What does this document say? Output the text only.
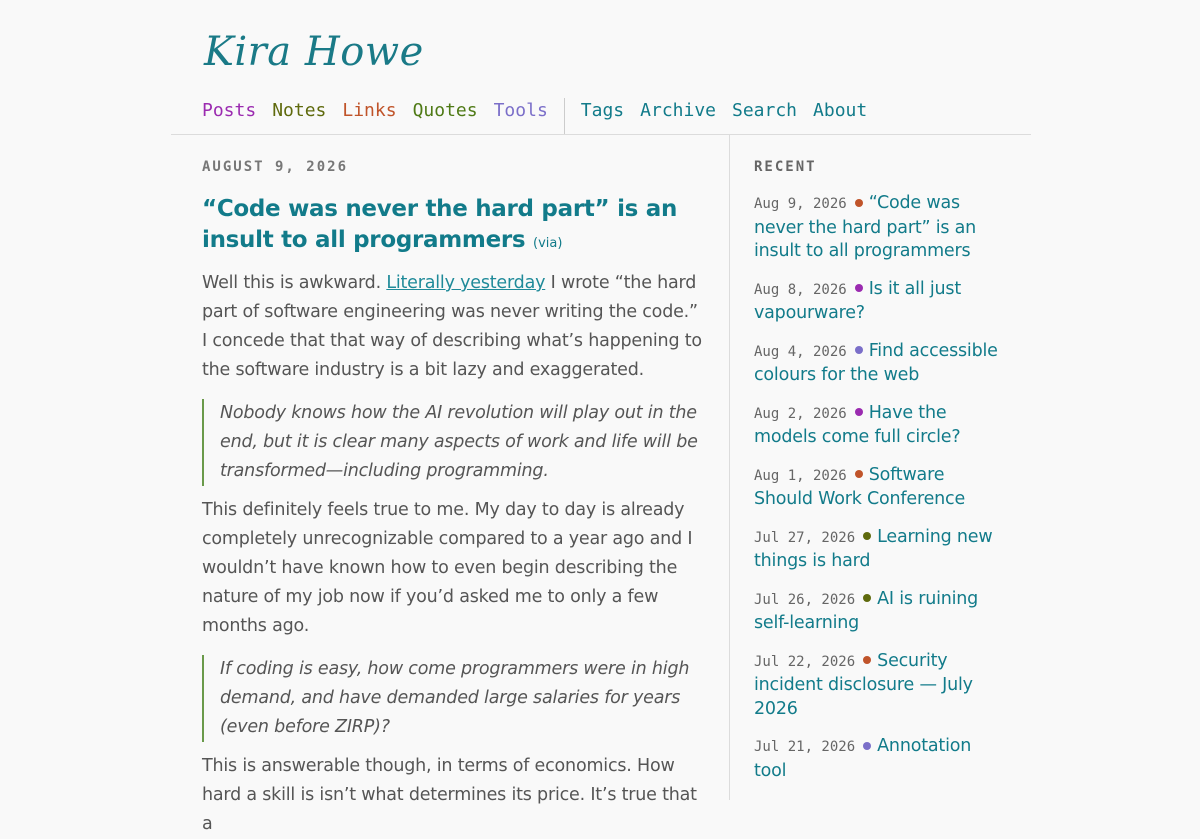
Kira Howe
Posts Notes Links Quotes Tools Tags Archive Search About
AUGUST 9, 2026
“Code was never the hard part” is an insult to all programmers (via)

Well this is awkward. Literally yesterday I wrote “the hard part of software engineering was never writing the code.” I concede that that way of describing what’s happening to the software industry is a bit lazy and exaggerated.

Nobody knows how the AI revolution will play out in the end, but it is clear many aspects of work and life will be transformed—including programming.

This definitely feels true to me. My day to day is already completely unrecognizable compared to a year ago and I wouldn’t have known how to even begin describing the nature of my job now if you’d asked me to only a few months ago.

If coding is easy, how come programmers were in high demand, and have demanded large salaries for years (even before ZIRP)?

This is answerable though, in terms of economics. How hard a skill is isn’t what determines its price. It’s true that a

RECENT
Aug 9, 2026 “Code was never the hard part” is an insult to all programmers
Aug 8, 2026 Is it all just vapourware?
Aug 4, 2026 Find accessible colours for the web
Aug 2, 2026 Have the models come full circle?
Aug 1, 2026 Software Should Work Conference
Jul 27, 2026 Learning new things is hard
Jul 26, 2026 AI is ruining self-learning
Jul 22, 2026 Security incident disclosure — July 2026
Jul 21, 2026 Annotation tool
